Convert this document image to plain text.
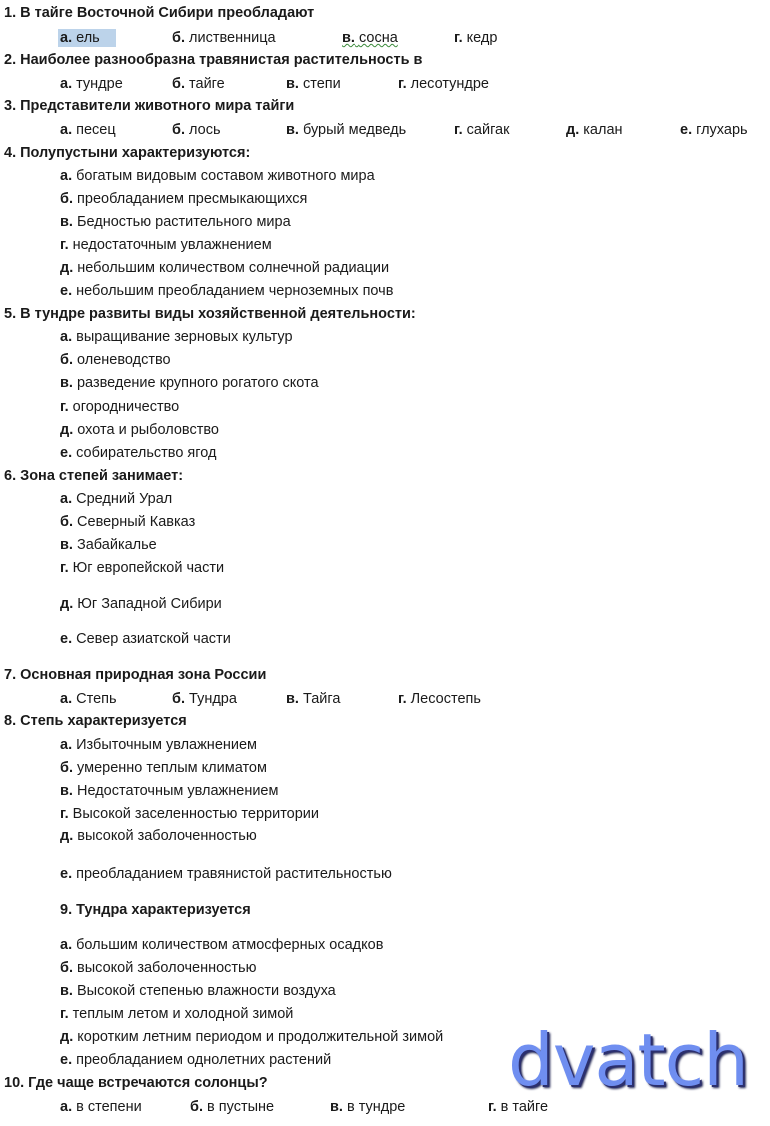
1. В тайге Восточной Сибири преобладают
а. ель	б. лиственница	в. сосна	г. кедр
2. Наиболее разнообразна травянистая растительность в
а. тундре	б. тайге	в. степи	г. лесотундре
3. Представители животного мира тайги
а. песец	б. лось	в. бурый медведь	г. сайгак	д. калан	е. глухарь
4. Полупустыни характеризуются:
а. богатым видовым составом животного мира
б. преобладанием пресмыкающихся
в. Бедностью растительного мира
г. недостаточным увлажнением
д. небольшим количеством солнечной радиации
е. небольшим преобладанием черноземных почв
5. В тундре развиты виды хозяйственной деятельности:
а. выращивание зерновых культур
б. оленеводство
в. разведение крупного рогатого скота
г. огородничество
д. охота и рыболовство
е. собирательство ягод
6. Зона степей занимает:
а. Средний Урал
б. Северный Кавказ
в. Забайкалье
г. Юг европейской части
д. Юг Западной Сибири
е. Север азиатской части
7. Основная природная зона России
а. Степь	б. Тундра	в. Тайга	г. Лесостепь
8. Степь характеризуется
а. Избыточным увлажнением
б. умеренно теплым климатом
в. Недостаточным увлажнением
г. Высокой заселенностью территории
д. высокой заболоченностью
е. преобладанием травянистой растительностью
9. Тундра характеризуется
а. большим количеством атмосферных осадков
б. высокой заболоченностью
в. Высокой степенью влажности воздуха
г. теплым летом и холодной зимой
д. коротким летним периодом и продолжительной зимой
е. преобладанием однолетних растений
10. Где чаще встречаются солонцы?
а. в степени	б. в пустыне	в. в тундре	г. в тайге
dvatch
